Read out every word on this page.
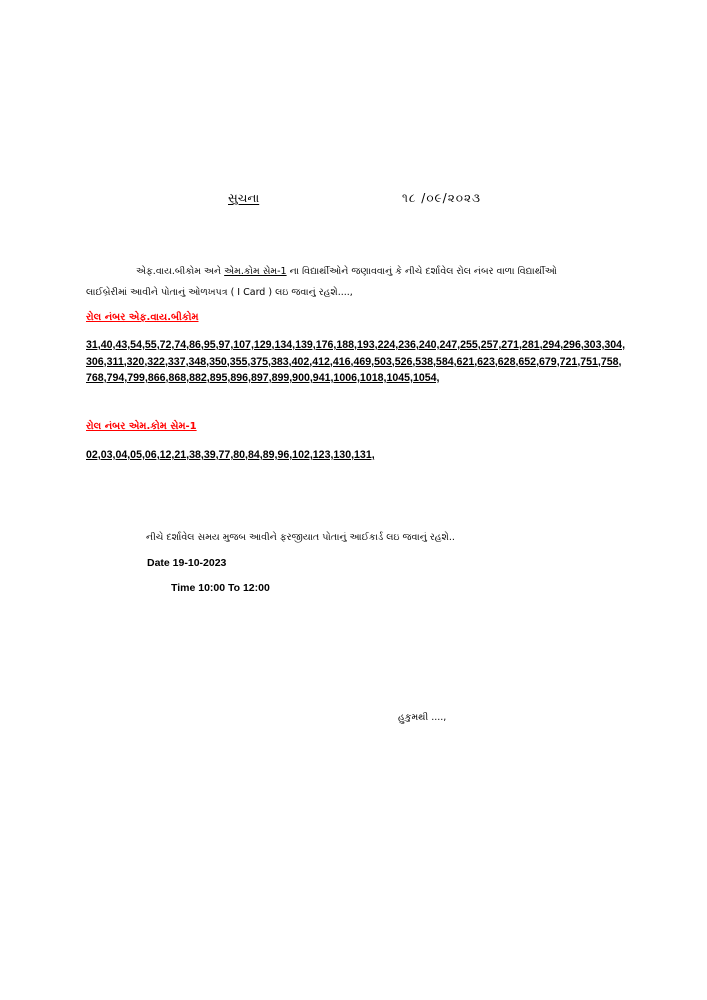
સુચના	૧૮ /૦૯/૨૦૨૩
એફ.વાય.બીકોમ અને એમ.કોમ સેમ-1 ના વિદ્યાર્થીઓને જણાવવાનું કે નીચે દર્શાવેલ રોલ નંબર વાળા વિદ્યાર્થીઓ
લાઈબ્રેરીમાં આવીને પોતાનું ઓળખપત્ર ( I Card ) લઇ જવાનું રહશે....,
રોલ નંબર એફ.વાય.બીકોમ
31,40,43,54,55,72,74,86,95,97,107,129,134,139,176,188,193,224,236,240,247,255,257,271,281,294,296,303,304,306,311,320,322,337,348,350,355,375,383,402,412,416,469,503,526,538,584,621,623,628,652,679,721,751,758,768,794,799,866,868,882,895,896,897,899,900,941,1006,1018,1045,1054,
રોલ નંબર એમ.કોમ સેમ-1
02,03,04,05,06,12,21,38,39,77,80,84,89,96,102,123,130,131,
નીચે દર્શાવેલ સમય મુજબ આવીને ફરજીયાત પોતાનું આઈકાર્ડ લઇ જવાનું રહશે..
Date 19-10-2023
Time 10:00 To 12:00
હુકુમથી ....,
